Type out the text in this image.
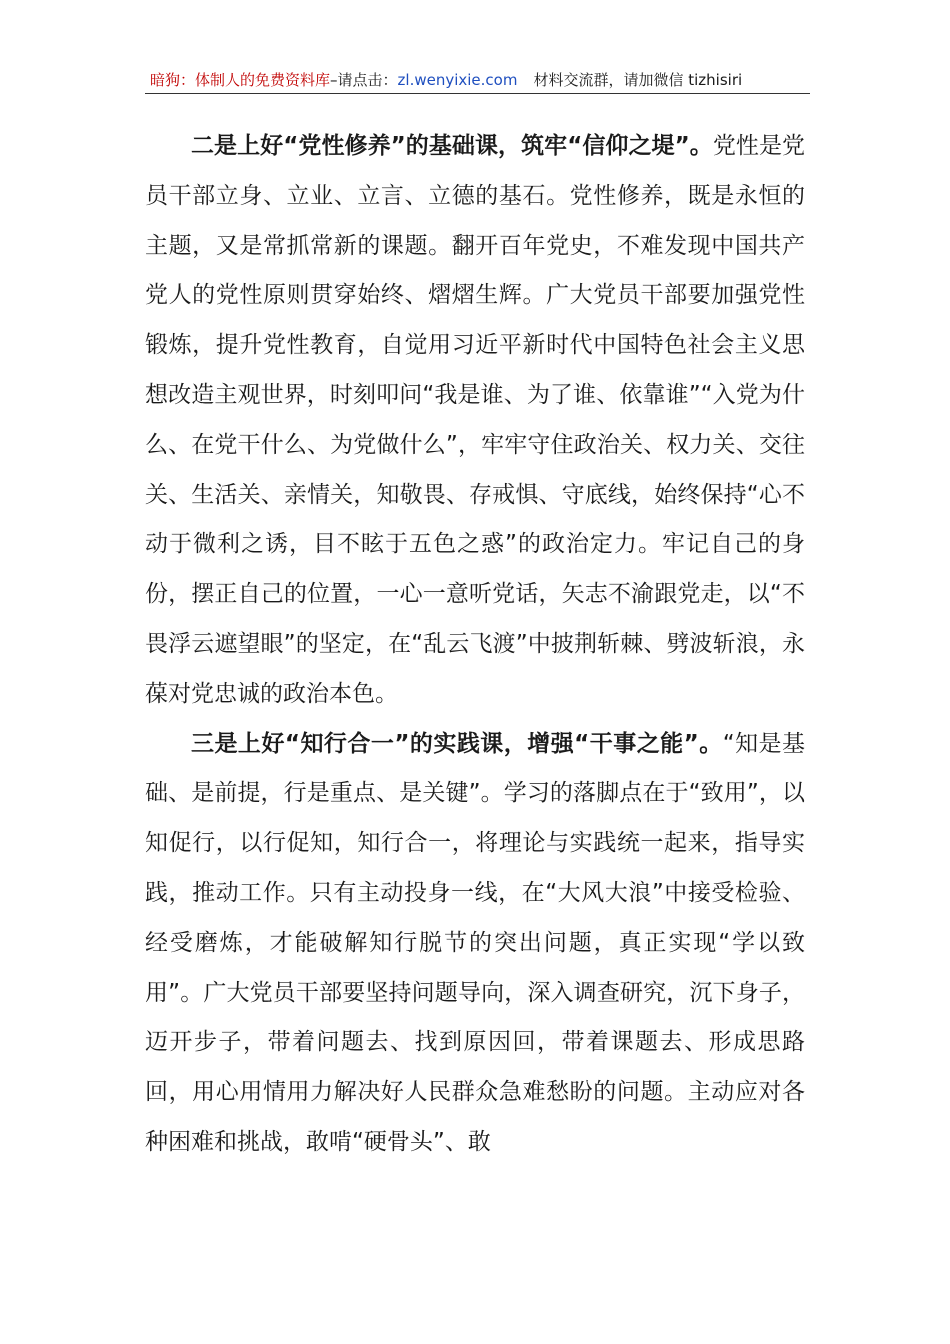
暗狗：体制人的免费资料库–请点击：zl.wenyixie.com 材料交流群，请加微信 tizhisiri

二是上好“党性修养”的基础课，筑牢“信仰之堤”。党性是党员干部立身、立业、立言、立德的基石。党性修养，既是永恒的主题，又是常抓常新的课题。翻开百年党史，不难发现中国共产党人的党性原则贯穿始终、熠熠生辉。广大党员干部要加强党性锻炼，提升党性教育，自觉用习近平新时代中国特色社会主义思想改造主观世界，时刻叩问“我是谁、为了谁、依靠谁”“入党为什么、在党干什么、为党做什么”，牢牢守住政治关、权力关、交往关、生活关、亲情关，知敬畏、存戒惧、守底线，始终保持“心不动于微利之诱，目不眩于五色之惑”的政治定力。牢记自己的身份，摆正自己的位置，一心一意听党话，矢志不渝跟党走，以“不畏浮云遮望眼”的坚定，在“乱云飞渡”中披荆斩棘、劈波斩浪，永葆对党忠诚的政治本色。

三是上好“知行合一”的实践课，增强“干事之能”。“知是基础、是前提，行是重点、是关键”。学习的落脚点在于“致用”，以知促行，以行促知，知行合一，将理论与实践统一起来，指导实践，推动工作。只有主动投身一线，在“大风大浪”中接受检验、经受磨炼，才能破解知行脱节的突出问题，真正实现“学以致用”。广大党员干部要坚持问题导向，深入调查研究，沉下身子，迈开步子，带着问题去、找到原因回，带着课题去、形成思路回，用心用情用力解决好人民群众急难愁盼的问题。主动应对各种困难和挑战，敢啃“硬骨头”、敢
